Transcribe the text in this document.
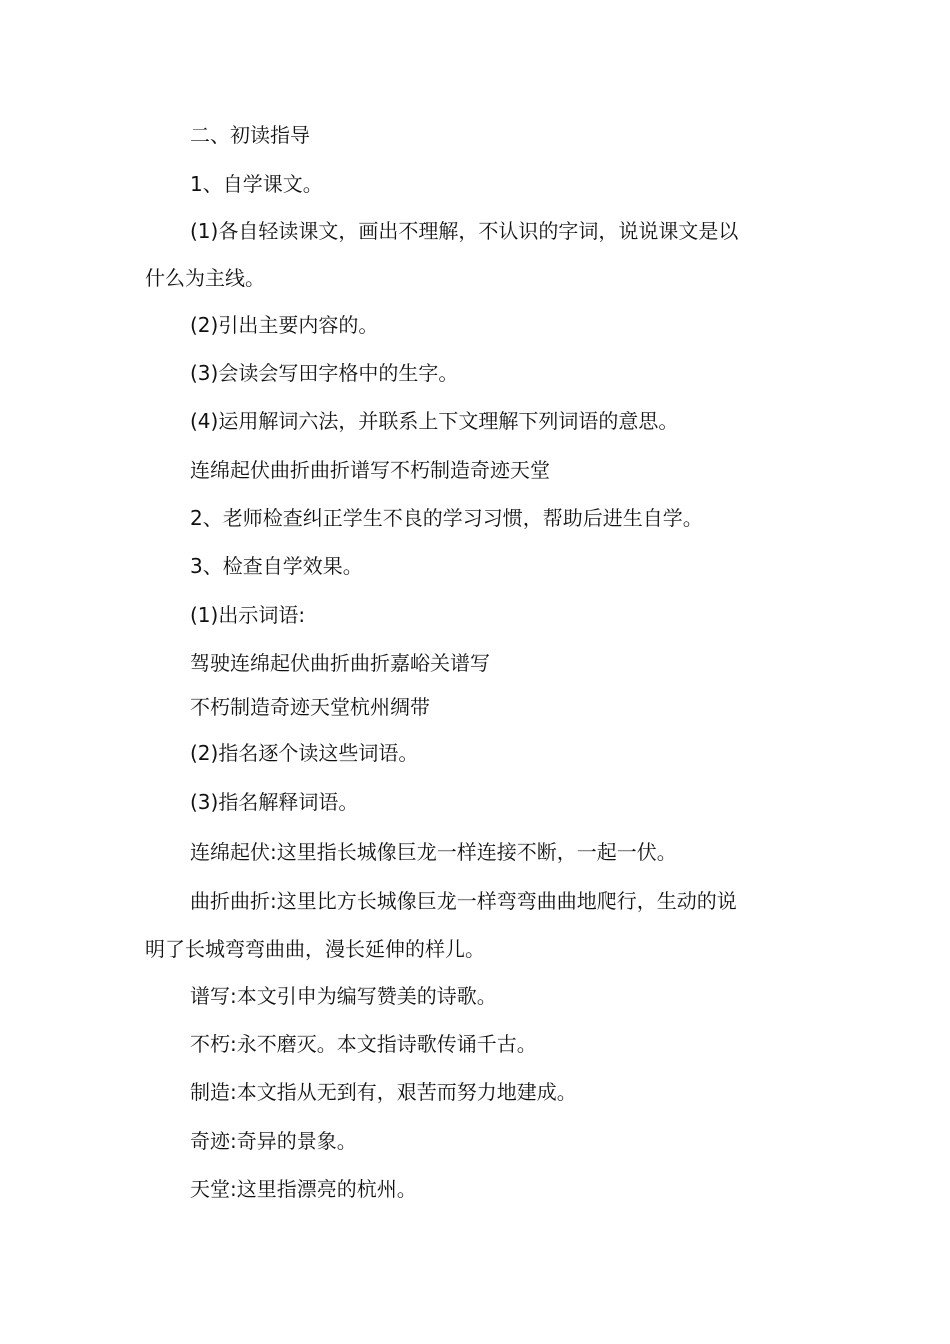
二、初读指导

1、自学课文。

(1)各自轻读课文，画出不理解，不认识的字词，说说课文是以

什么为主线。

(2)引出主要内容的。

(3)会读会写田字格中的生字。

(4)运用解词六法，并联系上下文理解下列词语的意思。

连绵起伏曲折曲折谱写不朽制造奇迹天堂

2、老师检查纠正学生不良的学习习惯，帮助后进生自学。

3、检查自学效果。

(1)出示词语:

驾驶连绵起伏曲折曲折嘉峪关谱写

不朽制造奇迹天堂杭州绸带

(2)指名逐个读这些词语。

(3)指名解释词语。

连绵起伏:这里指长城像巨龙一样连接不断，一起一伏。

曲折曲折:这里比方长城像巨龙一样弯弯曲曲地爬行，生动的说

明了长城弯弯曲曲，漫长延伸的样儿。

谱写:本文引申为编写赞美的诗歌。

不朽:永不磨灭。本文指诗歌传诵千古。

制造:本文指从无到有，艰苦而努力地建成。

奇迹:奇异的景象。

天堂:这里指漂亮的杭州。
